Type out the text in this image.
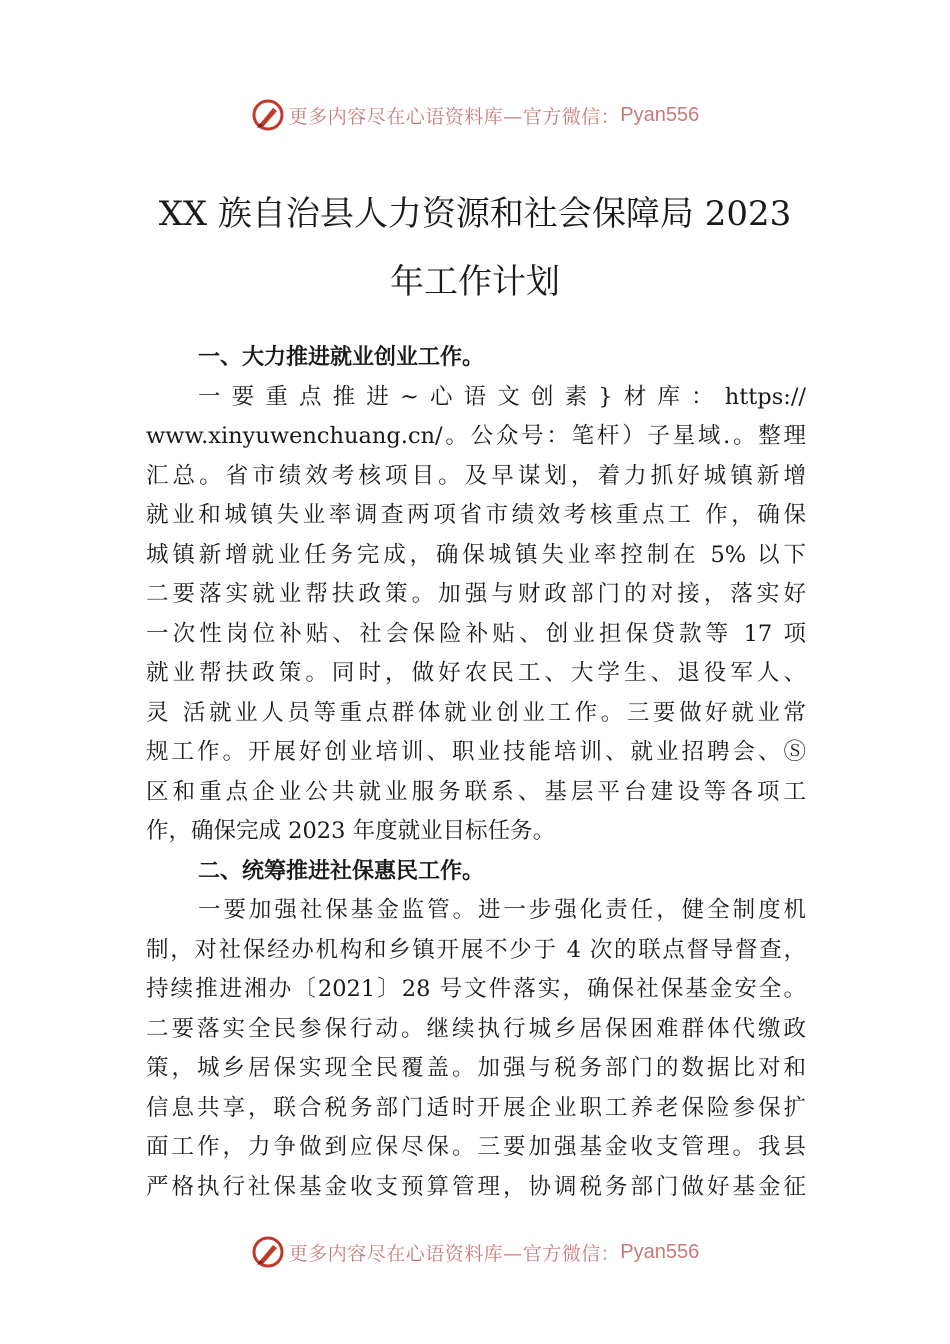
更多内容尽在心语资料库—官方微信： Pyan556
XX 族自治县人力资源和社会保障局 2023
年工作计划
一、大力推进就业创业工作。
一要重点推进~心语文创素}材库：https://
www.xinyuwenchuang.cn/。公众号：笔杆）子星域.。整理
汇总。省市绩效考核项目。及早谋划，着力抓好城镇新增
就业和城镇失业率调查两项省市绩效考核重点工 作，确保
城镇新增就业任务完成，确保城镇失业率控制在 5% 以下
二要落实就业帮扶政策。加强与财政部门的对接，落实好
一次性岗位补贴、社会保险补贴、创业担保贷款等 17 项
就业帮扶政策。同时，做好农民工、大学生、退役军人、
灵 活就业人员等重点群体就业创业工作。三要做好就业常
规工作。开展好创业培训、职业技能培训、就业招聘会、Ⓢ
区和重点企业公共就业服务联系、基层平台建设等各项工
作，确保完成 2023 年度就业目标任务。
二、统筹推进社保惠民工作。
一要加强社保基金监管。进一步强化责任，健全制度机
制，对社保经办机构和乡镇开展不少于 4 次的联点督导督查，
持续推进湘办〔2021〕28 号文件落实，确保社保基金安全。
二要落实全民参保行动。继续执行城乡居保困难群体代缴政
策，城乡居保实现全民覆盖。加强与税务部门的数据比对和
信息共享，联合税务部门适时开展企业职工养老保险参保扩
面工作，力争做到应保尽保。三要加强基金收支管理。我县
严格执行社保基金收支预算管理，协调税务部门做好基金征
更多内容尽在心语资料库—官方微信： Pyan556
